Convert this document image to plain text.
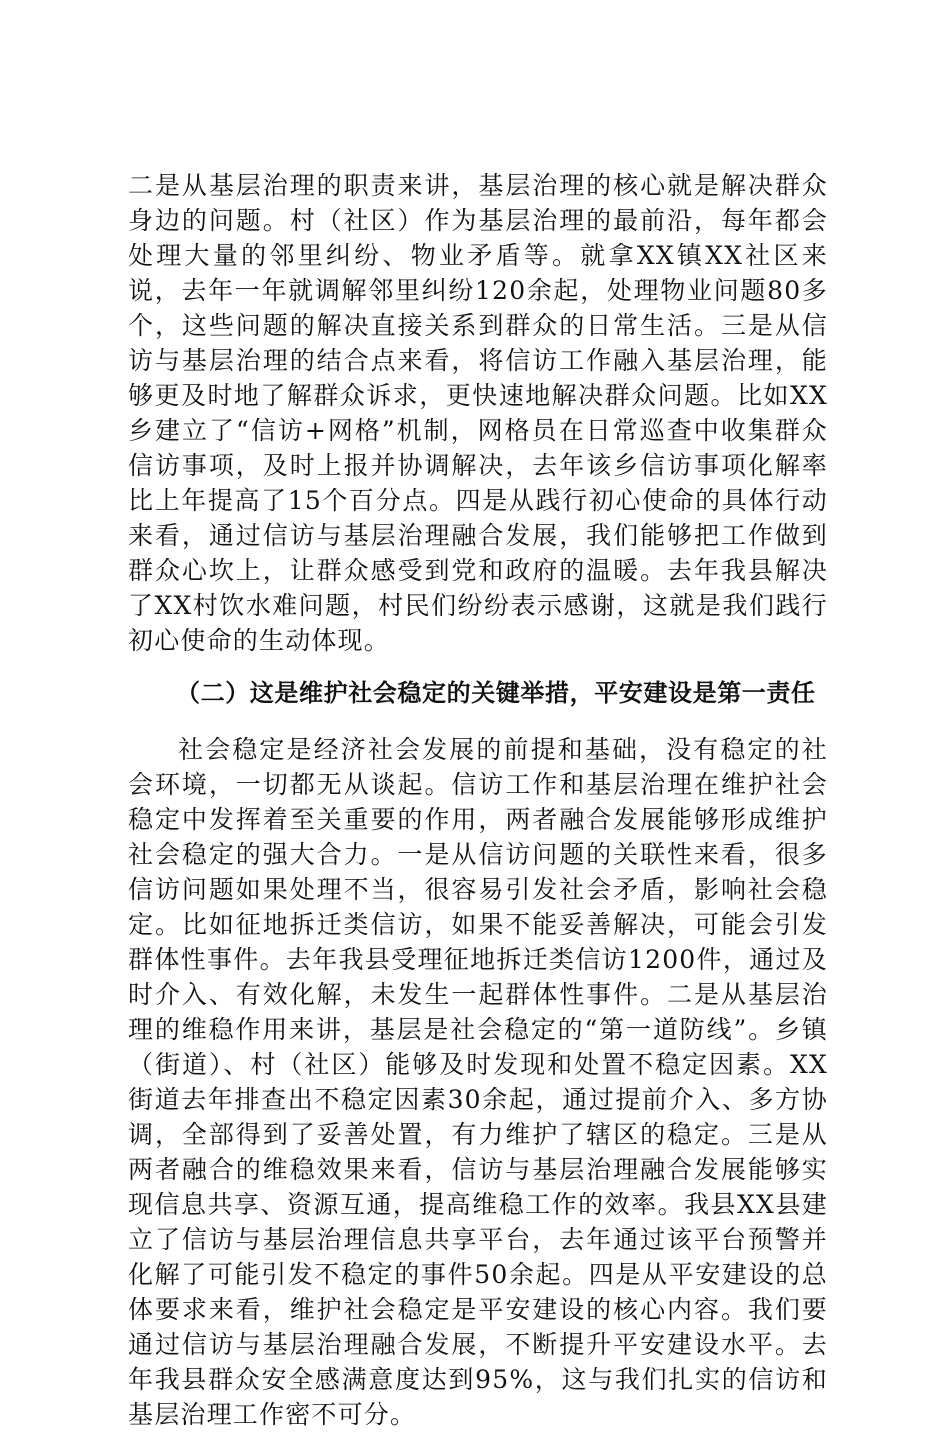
二是从基层治理的职责来讲，基层治理的核心就是解决群众身边的问题。村（社区）作为基层治理的最前沿，每年都会处理大量的邻里纠纷、物业矛盾等。就拿XX镇XX社区来说，去年一年就调解邻里纠纷120余起，处理物业问题80多个，这些问题的解决直接关系到群众的日常生活。三是从信访与基层治理的结合点来看，将信访工作融入基层治理，能够更及时地了解群众诉求，更快速地解决群众问题。比如XX乡建立了“信访+网格”机制，网格员在日常巡查中收集群众信访事项，及时上报并协调解决，去年该乡信访事项化解率比上年提高了15个百分点。四是从践行初心使命的具体行动来看，通过信访与基层治理融合发展，我们能够把工作做到群众心坎上，让群众感受到党和政府的温暖。去年我县解决了XX村饮水难问题，村民们纷纷表示感谢，这就是我们践行初心使命的生动体现。

（二）这是维护社会稳定的关键举措，平安建设是第一责任

社会稳定是经济社会发展的前提和基础，没有稳定的社会环境，一切都无从谈起。信访工作和基层治理在维护社会稳定中发挥着至关重要的作用，两者融合发展能够形成维护社会稳定的强大合力。一是从信访问题的关联性来看，很多信访问题如果处理不当，很容易引发社会矛盾，影响社会稳定。比如征地拆迁类信访，如果不能妥善解决，可能会引发群体性事件。去年我县受理征地拆迁类信访1200件，通过及时介入、有效化解，未发生一起群体性事件。二是从基层治理的维稳作用来讲，基层是社会稳定的“第一道防线”。乡镇（街道）、村（社区）能够及时发现和处置不稳定因素。XX街道去年排查出不稳定因素30余起，通过提前介入、多方协调，全部得到了妥善处置，有力维护了辖区的稳定。三是从两者融合的维稳效果来看，信访与基层治理融合发展能够实现信息共享、资源互通，提高维稳工作的效率。我县XX县建立了信访与基层治理信息共享平台，去年通过该平台预警并化解了可能引发不稳定的事件50余起。四是从平安建设的总体要求来看，维护社会稳定是平安建设的核心内容。我们要通过信访与基层治理融合发展，不断提升平安建设水平。去年我县群众安全感满意度达到95%，这与我们扎实的信访和基层治理工作密不可分。
